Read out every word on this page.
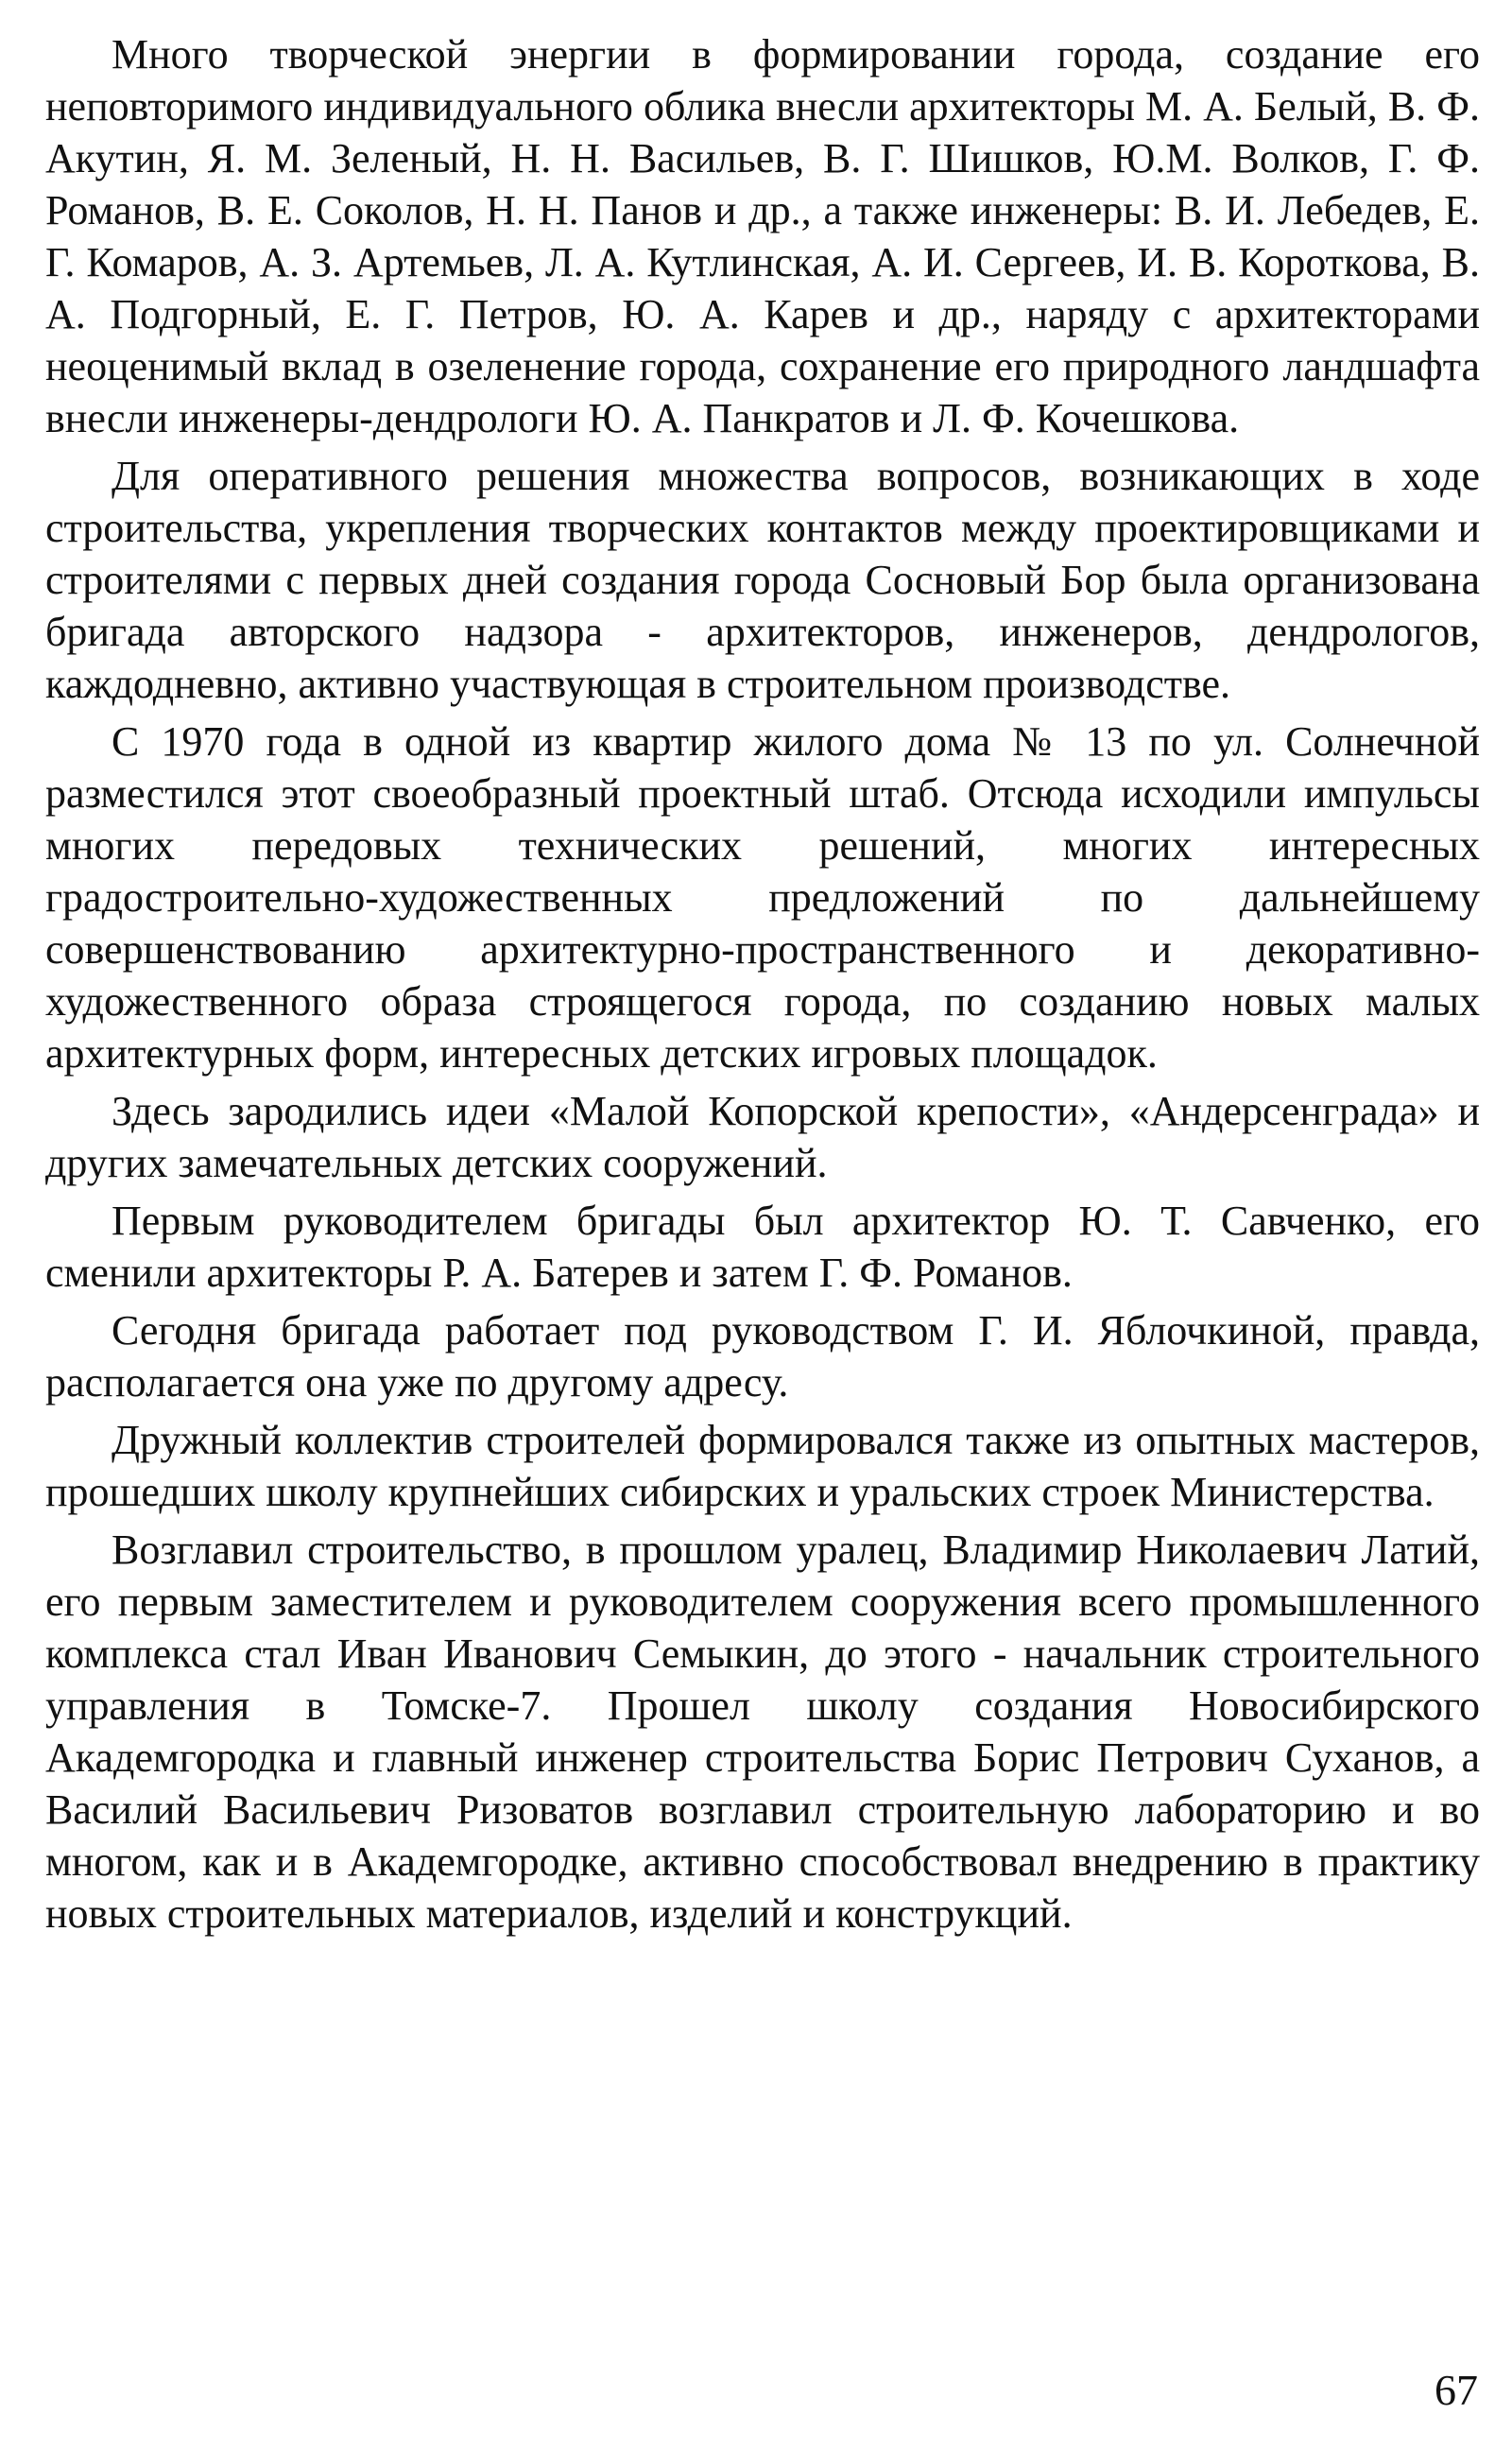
Много творческой энергии в формировании города, создание его неповторимого индивидуального облика внесли архитекторы М. А. Белый, В. Ф. Акутин, Я. М. Зеленый, Н. Н. Васильев, В. Г. Шишков, Ю.М. Волков, Г. Ф. Романов, В. Е. Соколов, Н. Н. Панов и др., а также инженеры: В. И. Лебедев, Е. Г. Комаров, А. З. Артемьев, Л. А. Кутлинская, А. И. Сергеев, И. В. Короткова, В. А. Подгорный, Е. Г. Петров, Ю. А. Карев и др., наряду с архитекторами неоценимый вклад в озеленение города, сохранение его природного ландшафта внесли инженеры-дендрологи Ю. А. Панкратов и Л. Ф. Кочешкова.

Для оперативного решения множества вопросов, возникающих в ходе строительства, укрепления творческих контактов между проектировщиками и строителями с первых дней создания города Сосновый Бор была организована бригада авторского надзора - архитекторов, инженеров, дендрологов, каждодневно, активно участвующая в строительном производстве.

С 1970 года в одной из квартир жилого дома № 13 по ул. Солнечной разместился этот своеобразный проектный штаб. Отсюда исходили импульсы многих передовых технических решений, многих интересных градостроительно-художественных предложений по дальнейшему совершенствованию архитектурно-пространственного и декоративно-художественного образа строящегося города, по созданию новых малых архитектурных форм, интересных детских игровых площадок.

Здесь зародились идеи «Малой Копорской крепости», «Андерсенграда» и других замечательных детских сооружений.

Первым руководителем бригады был архитектор Ю. Т. Савченко, его сменили архитекторы Р. А. Батерев и затем Г. Ф. Романов.

Сегодня бригада работает под руководством Г. И. Яблочкиной, правда, располагается она уже по другому адресу.

Дружный коллектив строителей формировался также из опытных мастеров, прошедших школу крупнейших сибирских и уральских строек Министерства.

Возглавил строительство, в прошлом уралец, Владимир Николаевич Латий, его первым заместителем и руководителем сооружения всего промышленного комплекса стал Иван Иванович Семыкин, до этого - начальник строительного управления в Томске-7. Прошел школу создания Новосибирского Академгородка и главный инженер строительства Борис Петрович Суханов, а Василий Васильевич Ризоватов возглавил строительную лабораторию и во многом, как и в Академгородке, активно способствовал внедрению в практику новых строительных материалов, изделий и конструкций.

67
